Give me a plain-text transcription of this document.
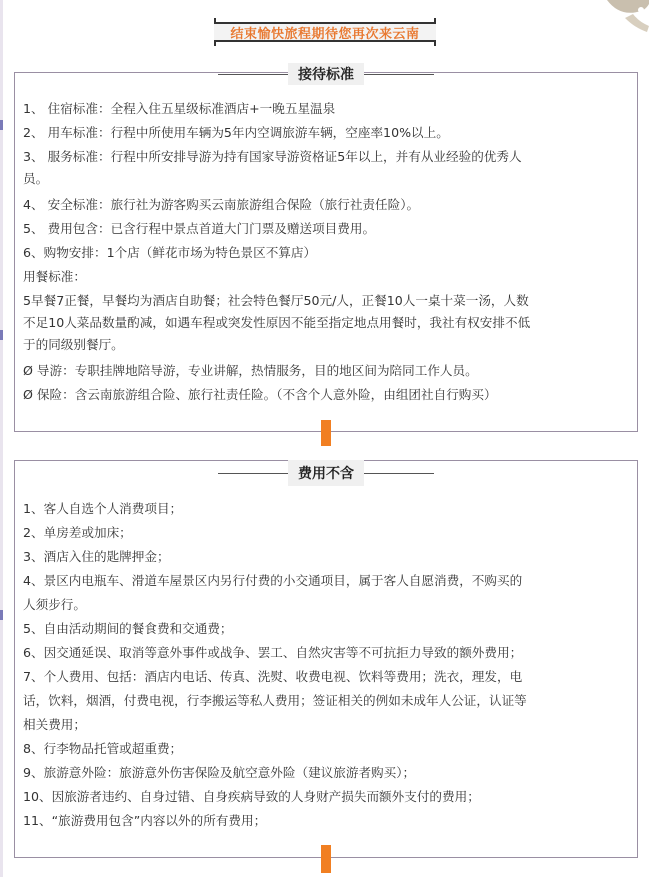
结束愉快旅程期待您再次来云南
接待标准
1、 住宿标准：全程入住五星级标准酒店+一晚五星温泉
2、 用车标准：行程中所使用车辆为5年内空调旅游车辆，空座率10%以上。
3、 服务标准：行程中所安排导游为持有国家导游资格证5年以上，并有从业经验的优秀人
员。
4、 安全标准：旅行社为游客购买云南旅游组合保险（旅行社责任险）。
5、 费用包含：已含行程中景点首道大门门票及赠送项目费用。
6、购物安排：1个店（鲜花市场为特色景区不算店）
用餐标准：
5早餐7正餐，早餐均为酒店自助餐；社会特色餐厅50元/人，正餐10人一桌十菜一汤，人数
不足10人菜品数量酌减，如遇车程或突发性原因不能至指定地点用餐时，我社有权安排不低
于的同级别餐厅。
Ø 导游：专职挂牌地陪导游，专业讲解，热情服务，目的地区间为陪同工作人员。
Ø 保险：含云南旅游组合险、旅行社责任险。（不含个人意外险，由组团社自行购买）
费用不含
1、客人自选个人消费项目；
2、单房差或加床；
3、酒店入住的匙牌押金；
4、景区内电瓶车、滑道车屋景区内另行付费的小交通项目，属于客人自愿消费，不购买的
人须步行。
5、自由活动期间的餐食费和交通费；
6、因交通延误、取消等意外事件或战争、罢工、自然灾害等不可抗拒力导致的额外费用；
7、个人费用、包括：酒店内电话、传真、洗熨、收费电视、饮料等费用；洗衣，理发，电
话，饮料，烟酒，付费电视，行李搬运等私人费用；签证相关的例如未成年人公证，认证等
相关费用；
8、行李物品托管或超重费；
9、旅游意外险：旅游意外伤害保险及航空意外险（建议旅游者购买）；
10、因旅游者违约、自身过错、自身疾病导致的人身财产损失而额外支付的费用；
11、“旅游费用包含”内容以外的所有费用；
